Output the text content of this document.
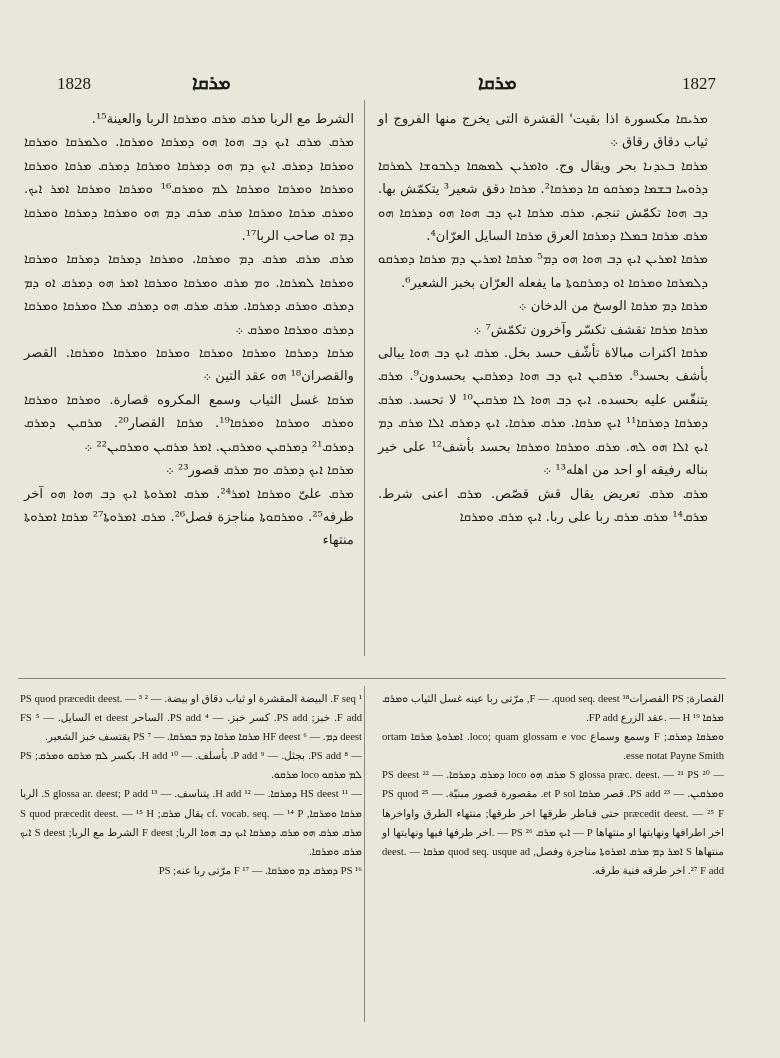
1828	ܡܪܩܐ	ܡܪܩܐ	1827

ܡܪܝܩܐ مكسورة اذا بقيت' القشرة التى يخرج منها الفروج او ثياب دقاق رقاق ܀

ܡܪܩܐ ܒܥܕܢܐ بحر ويقال وج. ܘܐܡܪܝܢ ܠܡܣܩܐ ܕܠܒܘܫܐ ܠܡܪܩܐ ܕܪܘܚܐ ܒܫܡܐ ܕܡܪܩܘ ܩܐ ܕܡܪܩܐ². ܡܪܩܐ دقق شعير³ يتكمّش بها. ܕܒ ܗܘܐ تكمّش تنجم. ܡܪܩ ܡܪܩܐ ܐܝܟ ܕܒ ܗܘܐ ܗܘ ܕܡܪܩܐ ܗܘ ܡܪܩ ܡܪܩܐ ܒܡܠܐ ܕܡܪܩܐ العرق ܡܪܩܐ السايل العرّان⁴.

ܡܪܩܐ ܐܡܪܝܢ ܐܝܟ ܕܒ ܗܘܐ ܗܘ ܕܡ⁵ ܡܪܩܐ ܐܡܪܝܢ ܕܡ ܡܪܩܐ ܕܡܪܩܘ ܕܠܡܪܩܐ ܘܡܪܩܐ ܐܘ ܕܡܪܩܘܬܐ ما يفعله العرّان بخبز الشعير⁶.

ܡܪܩܐ ܕܡ ܡܪܩܐ الوسخ من الدخان ܀

ܡܪܩܐ ܡܪܩܐ تقشف تكسّر وآخرون تكمّش⁷ ܀

ܡܪܩܐ اكترات مبالاة تأشّف حسد بخل. ܡܪܩ ܐܝܟ ܕܒ ܗܘܐ يبالى بأشف بحسد⁸. ܡܪܩܝܢ ܐܝܟ ܕܒ ܗܘܐ ܕܡܪܩܝܢ بحسدون⁹. ܡܪܩ يتنفّس عليه بحسده. ܐܝܟ ܕܒ ܗܘܐ ܠܐ ܡܪܩܝܢ¹⁰ لا تحسد. ܡܪܩ ܕܡܪܩܐ ܕܡܪܩܐ¹¹ ܐܝܟ ܡܪܩܐ. ܡܪܩ ܡܪܩܐ. ܐܝܟ ܕܡܪܩ ܐܠܐ ܡܪܩ ܕܡ ܐܝܟ ܐܠܐ ܗܘ ܠܗ. ܡܪܩ ܘܡܪܩܐ ܘܡܪܩܐ بحسد بأشف¹² على خير بناله رفيقه او احد من اهله¹³ ܀

ܡܪܩ ܡܪܩ تعريض يقال قش قصّص. ܡܪܩ اعنى شرط. ܡܪܩ¹⁴ ܡܪܩ ܡܪܩ ربا على ربا. ܐܝܟ ܡܪܩ ܘܡܪܩܐ

الشرط مع الربا ܡܪܩ ܡܪܩ ܘܡܪܩܐ الربا والعينة¹⁵.

ܡܪܩ ܡܪܩ ܐܝܟ ܕܒ ܗܘܐ ܗܘ ܕܡܪܩܐ ܘܡܪܩܐ. ܘܠܡܪܩܐ ܘܡܪܩܐ ܘܡܪܩܐ ܕܡܪܩ ܐܝܟ ܕܡ ܗܘ ܕܡܪܩܐ ܘܡܪܩܐ ܕܡܪܩ ܡܪܩܐ ܘܡܪܩܐ ܘܡܪܩܐ ܘܡܪܩܐ ܘܡܪܩܐ ܠܡ ܘܡܪܩ¹⁶ ܘܡܪܩܐ ܘܡܪܩܐ ܐܡܪ ܐܝܟ. ܘܡܪܩ ܡܪܩܐ ܘܡܪܩܐ ܡܪܩ ܡܪܩ ܕܡ ܗܘ ܘܡܪܩܐ ܕܡܪܩܐ ܘܡܪܩܐ ܕܡ ܐܘ صاحب الربا¹⁷.

ܡܪܩ ܡܪܩ ܡܪܩ ܕܡ ܘܡܪܩܐ. ܘܡܪܩܐ ܕܡܪܩܐ ܕܡܪܩܐ ܘܡܪܩܐ ܘܡܪܩܐ ܠܡܪܩܐ. ܘܡ ܡܪܩ ܘܡܪܩܐ ܘܡܪܩܐ ܐܡܪ ܗܘ ܕܡܪܩ ܐܘ ܕܡ ܕܡܪܩ ܘܡܪܩ ܕܡܪܩܐ. ܡܪܩ ܡܪܩ ܗܘ ܕܡܪܩ ܡܠܐ ܘܡܪܩܐ ܘܡܪܩܐ ܕܡܪܩ ܘܡܪܩܐ ܘܡܪܩ ܀

ܡܪܩܐ ܕܡܪܩܐ ܘܡܪܩܐ ܘܡܪܩܐ ܘܡܪܩܐ ܘܡܪܩܐ ܘܡܪܩܐ. القصر والقصران¹⁸ ܗܘ عقد التين ܀

ܡܪܩܐ غسل الثياب وسمع المكروه قصارة. ܘܡܪܩܐ ܘܡܪܩܐ ܘܡܪܩ ܘܡܪܩܐ ܘܡܪܩܐ¹⁹. ܡܪܩܐ القصار²⁰. ܡܪܩܝܢ ܕܡܪܩ ܕܡܪܩ²¹ ܕܡܪܩܝܢ ܘܡܪܩܝܢ. ܐܡܪ ܡܪܩܝܢ ܘܡܪܩܝܢ²² ܀

ܡܪܩܐ ܐܝܟ ܕܡܪܩ ܘܡ ܡܪܩ قصور²³ ܀

ܡܪܩ علىّ ܘܡܪܩܐ ܐܡܪ²⁴. ܡܪܩ ܐܡܪܘܬܐ ܐܝܟ ܕܒ ܗܘܐ ܗܘ آخر طرفه²⁵. ܘܡܪܩܘܬܐ مناجزة فصل²⁶. ܡܪܩ ܐܡܪܘܬܐ²⁷ ܡܪܩܐ ܐܡܪܘܬܐ منتهاء

القصارة; PS القصرات¹⁸ F — .quod seq. deest, مرّتى ربا عينه غسل الثياب ܘܡܪܩ ܡܪܩܐ ¹⁹ H — .عقد الزرع FP add.

ܘܡܪܩܐ ܕܡܪܩ; F وسمع وسماع loco; quam glossam e voc. ܐܡܪܘܬܐ ܡܪܩܐ ortam esse notat Payne Smith.

— ²⁰ S glossa præc. deest. — ²¹ PS ܡܪܩ ܗܘ loco ܕܡܪܩ ܕܡܪܩܐ. — ²² PS deest ܘܡܪܩܝܢ. — ²³ PS add. قصر ܡܪܩܐ et P sol. مقصورة قصور مبنيّة. — ²⁵ PS quod præcedit deest. — ²⁵ F حتى قناطر طرقها اخر طرقها; منتهاء الطرق واواخرها اخر اطرافها ونهايتها او منتهاها P — ܐܝܟ ܡܪܩ ²⁶ PS — .اخر طرفها فيها ونهايتها او منتهاها S ܐܡܪ ܕܡ ܡܪܩ ܐܡܪܘܬܐ مناجزة وفصل, quod seq. usque ad ܡܪܩܐ deest. — ²⁷ F add. اخر طرقه فنية طرقه.

¹ F seq. البيضة المقشرة او ثياب دقاق او بيضة. — ² PS quod præcedit deest. — ³ F add. خبز; PS add. كسر خبز. — ⁴ PS add. الساحر et deest السايل. — ⁵ FS deest ܕܡ. — ⁶ HF deest ܡܪܩܐ ܡܪܩܐ ܕܡ ܒܡܪܩܐ. — ⁷ PS يقتسف خبز الشعير.

— ⁸ PS add. بجثل. — ⁹ P add. بأسلف. — ¹⁰ H add. بكسر ܠܡ ܡܪܩܘ ܘܡܪܩ; PS ܠܡ ܡܪܩܘ loco ܡܪܩܘ.

— ¹¹ HS deest ܕܡܪܩܐ. — ¹² H add. يتناسف. — ¹³ S glossa ar. deest; P add. الربا ܡܪܩܐ ܘܡܪܩܐ, cf. vocab. seq. — ¹⁴ P يقال ܡܪܩ; S quod præcedit deest. — ¹⁵ H ܡܪܩ ܡܪܩ ܗܘ ܡܪܩ ܕܡܪܩܐ ܐܝܟ ܕܒ ܗܘܐ الربا; F deest الشرط مع الربا; S deest ܐܝܟ ܡܪܩ ܘܡܪܩܐ.

¹⁶ PS ܕܡܪܩ ܕܡ ܘܡܪܩܐ. — ¹⁷ F مرّتى ربا عنه; PS
